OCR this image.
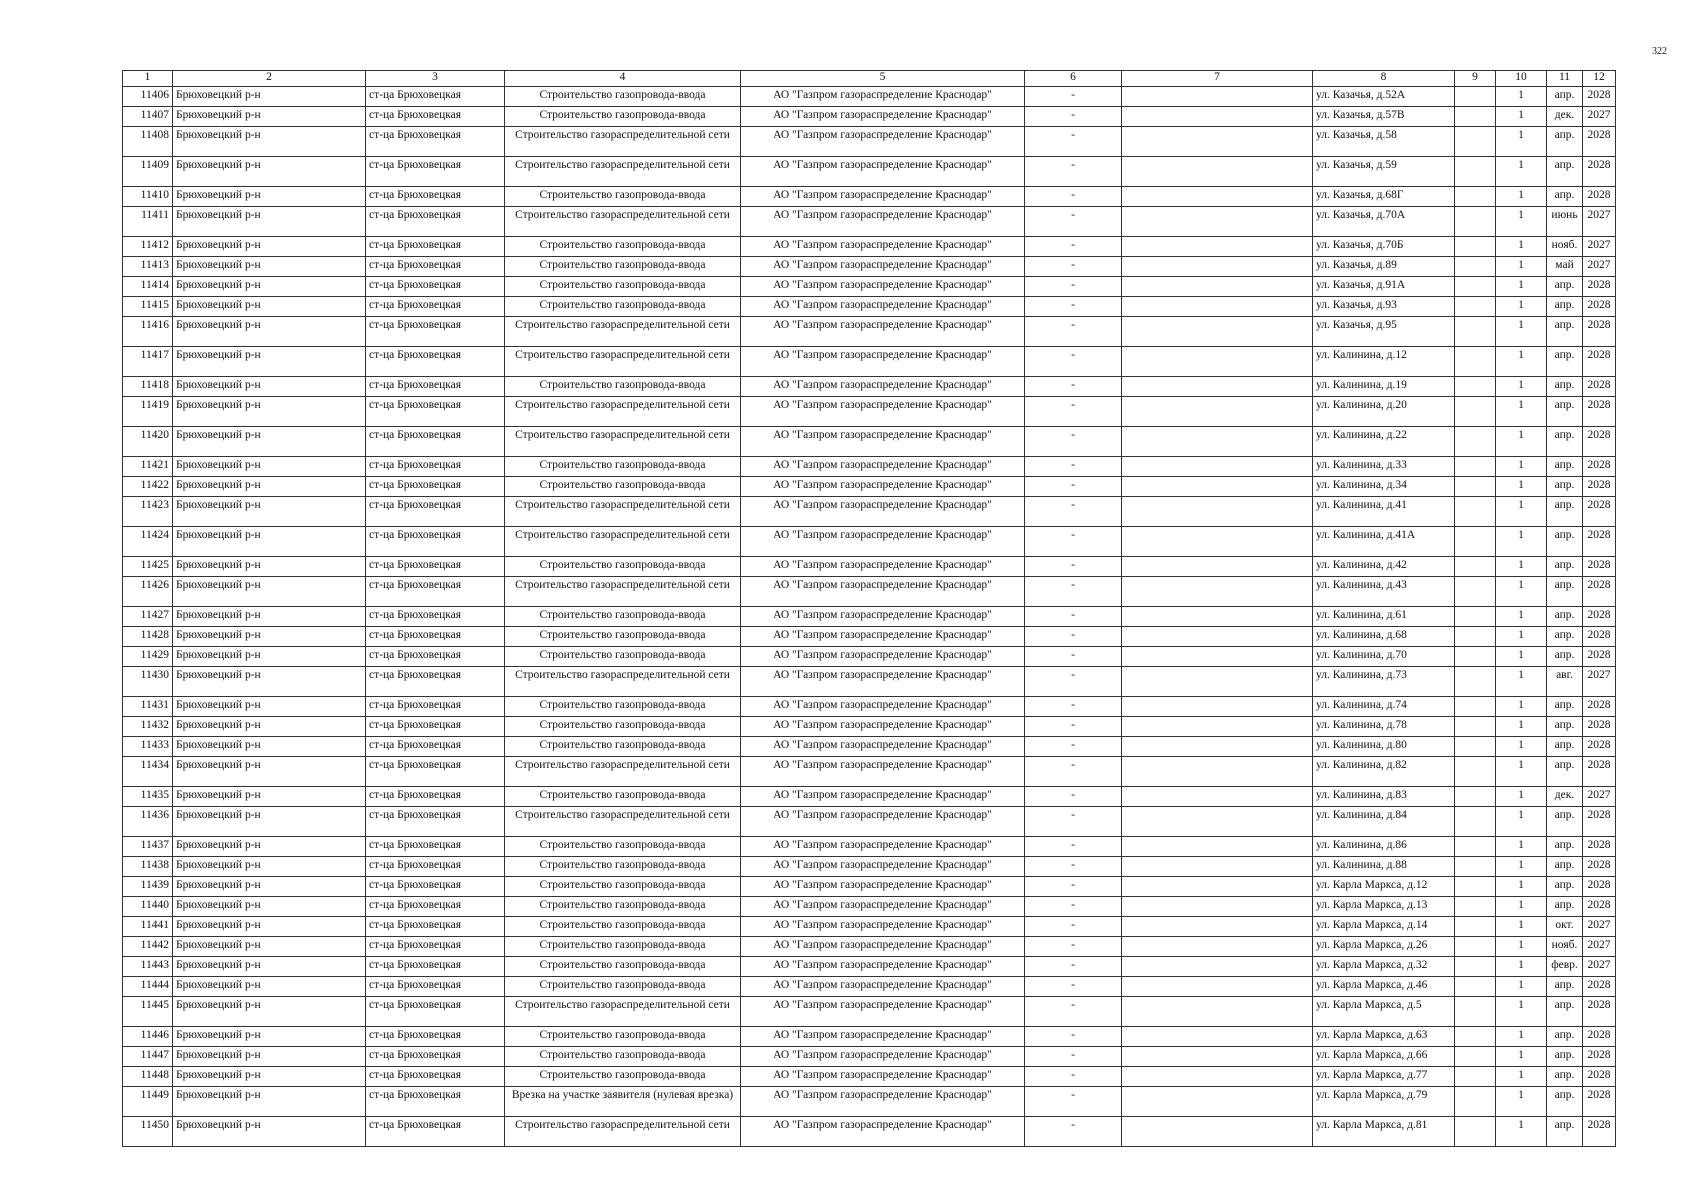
322
1	2	3	4	5	6	7	8	9	10	11	12
11406	Брюховецкий р-н	ст-ца Брюховецкая	Строительство газопровода-ввода	АО "Газпром газораспределение Краснодар"	-		ул. Казачья, д.52А		1	апр.	2028
11407	Брюховецкий р-н	ст-ца Брюховецкая	Строительство газопровода-ввода	АО "Газпром газораспределение Краснодар"	-		ул. Казачья, д.57В		1	дек.	2027
11408	Брюховецкий р-н	ст-ца Брюховецкая	Строительство газораспределительной сети	АО "Газпром газораспределение Краснодар"	-		ул. Казачья, д.58		1	апр.	2028
11409	Брюховецкий р-н	ст-ца Брюховецкая	Строительство газораспределительной сети	АО "Газпром газораспределение Краснодар"	-		ул. Казачья, д.59		1	апр.	2028
11410	Брюховецкий р-н	ст-ца Брюховецкая	Строительство газопровода-ввода	АО "Газпром газораспределение Краснодар"	-		ул. Казачья, д.68Г		1	апр.	2028
11411	Брюховецкий р-н	ст-ца Брюховецкая	Строительство газораспределительной сети	АО "Газпром газораспределение Краснодар"	-		ул. Казачья, д.70А		1	июнь	2027
11412	Брюховецкий р-н	ст-ца Брюховецкая	Строительство газопровода-ввода	АО "Газпром газораспределение Краснодар"	-		ул. Казачья, д.70Б		1	нояб.	2027
11413	Брюховецкий р-н	ст-ца Брюховецкая	Строительство газопровода-ввода	АО "Газпром газораспределение Краснодар"	-		ул. Казачья, д.89		1	май	2027
11414	Брюховецкий р-н	ст-ца Брюховецкая	Строительство газопровода-ввода	АО "Газпром газораспределение Краснодар"	-		ул. Казачья, д.91А		1	апр.	2028
11415	Брюховецкий р-н	ст-ца Брюховецкая	Строительство газопровода-ввода	АО "Газпром газораспределение Краснодар"	-		ул. Казачья, д.93		1	апр.	2028
11416	Брюховецкий р-н	ст-ца Брюховецкая	Строительство газораспределительной сети	АО "Газпром газораспределение Краснодар"	-		ул. Казачья, д.95		1	апр.	2028
11417	Брюховецкий р-н	ст-ца Брюховецкая	Строительство газораспределительной сети	АО "Газпром газораспределение Краснодар"	-		ул. Калинина, д.12		1	апр.	2028
11418	Брюховецкий р-н	ст-ца Брюховецкая	Строительство газопровода-ввода	АО "Газпром газораспределение Краснодар"	-		ул. Калинина, д.19		1	апр.	2028
11419	Брюховецкий р-н	ст-ца Брюховецкая	Строительство газораспределительной сети	АО "Газпром газораспределение Краснодар"	-		ул. Калинина, д.20		1	апр.	2028
11420	Брюховецкий р-н	ст-ца Брюховецкая	Строительство газораспределительной сети	АО "Газпром газораспределение Краснодар"	-		ул. Калинина, д.22		1	апр.	2028
11421	Брюховецкий р-н	ст-ца Брюховецкая	Строительство газопровода-ввода	АО "Газпром газораспределение Краснодар"	-		ул. Калинина, д.33		1	апр.	2028
11422	Брюховецкий р-н	ст-ца Брюховецкая	Строительство газопровода-ввода	АО "Газпром газораспределение Краснодар"	-		ул. Калинина, д.34		1	апр.	2028
11423	Брюховецкий р-н	ст-ца Брюховецкая	Строительство газораспределительной сети	АО "Газпром газораспределение Краснодар"	-		ул. Калинина, д.41		1	апр.	2028
11424	Брюховецкий р-н	ст-ца Брюховецкая	Строительство газораспределительной сети	АО "Газпром газораспределение Краснодар"	-		ул. Калинина, д.41А		1	апр.	2028
11425	Брюховецкий р-н	ст-ца Брюховецкая	Строительство газопровода-ввода	АО "Газпром газораспределение Краснодар"	-		ул. Калинина, д.42		1	апр.	2028
11426	Брюховецкий р-н	ст-ца Брюховецкая	Строительство газораспределительной сети	АО "Газпром газораспределение Краснодар"	-		ул. Калинина, д.43		1	апр.	2028
11427	Брюховецкий р-н	ст-ца Брюховецкая	Строительство газопровода-ввода	АО "Газпром газораспределение Краснодар"	-		ул. Калинина, д.61		1	апр.	2028
11428	Брюховецкий р-н	ст-ца Брюховецкая	Строительство газопровода-ввода	АО "Газпром газораспределение Краснодар"	-		ул. Калинина, д.68		1	апр.	2028
11429	Брюховецкий р-н	ст-ца Брюховецкая	Строительство газопровода-ввода	АО "Газпром газораспределение Краснодар"	-		ул. Калинина, д.70		1	апр.	2028
11430	Брюховецкий р-н	ст-ца Брюховецкая	Строительство газораспределительной сети	АО "Газпром газораспределение Краснодар"	-		ул. Калинина, д.73		1	авг.	2027
11431	Брюховецкий р-н	ст-ца Брюховецкая	Строительство газопровода-ввода	АО "Газпром газораспределение Краснодар"	-		ул. Калинина, д.74		1	апр.	2028
11432	Брюховецкий р-н	ст-ца Брюховецкая	Строительство газопровода-ввода	АО "Газпром газораспределение Краснодар"	-		ул. Калинина, д.78		1	апр.	2028
11433	Брюховецкий р-н	ст-ца Брюховецкая	Строительство газопровода-ввода	АО "Газпром газораспределение Краснодар"	-		ул. Калинина, д.80		1	апр.	2028
11434	Брюховецкий р-н	ст-ца Брюховецкая	Строительство газораспределительной сети	АО "Газпром газораспределение Краснодар"	-		ул. Калинина, д.82		1	апр.	2028
11435	Брюховецкий р-н	ст-ца Брюховецкая	Строительство газопровода-ввода	АО "Газпром газораспределение Краснодар"	-		ул. Калинина, д.83		1	дек.	2027
11436	Брюховецкий р-н	ст-ца Брюховецкая	Строительство газораспределительной сети	АО "Газпром газораспределение Краснодар"	-		ул. Калинина, д.84		1	апр.	2028
11437	Брюховецкий р-н	ст-ца Брюховецкая	Строительство газопровода-ввода	АО "Газпром газораспределение Краснодар"	-		ул. Калинина, д.86		1	апр.	2028
11438	Брюховецкий р-н	ст-ца Брюховецкая	Строительство газопровода-ввода	АО "Газпром газораспределение Краснодар"	-		ул. Калинина, д.88		1	апр.	2028
11439	Брюховецкий р-н	ст-ца Брюховецкая	Строительство газопровода-ввода	АО "Газпром газораспределение Краснодар"	-		ул. Карла Маркса, д.12		1	апр.	2028
11440	Брюховецкий р-н	ст-ца Брюховецкая	Строительство газопровода-ввода	АО "Газпром газораспределение Краснодар"	-		ул. Карла Маркса, д.13		1	апр.	2028
11441	Брюховецкий р-н	ст-ца Брюховецкая	Строительство газопровода-ввода	АО "Газпром газораспределение Краснодар"	-		ул. Карла Маркса, д.14		1	окт.	2027
11442	Брюховецкий р-н	ст-ца Брюховецкая	Строительство газопровода-ввода	АО "Газпром газораспределение Краснодар"	-		ул. Карла Маркса, д.26		1	нояб.	2027
11443	Брюховецкий р-н	ст-ца Брюховецкая	Строительство газопровода-ввода	АО "Газпром газораспределение Краснодар"	-		ул. Карла Маркса, д.32		1	февр.	2027
11444	Брюховецкий р-н	ст-ца Брюховецкая	Строительство газопровода-ввода	АО "Газпром газораспределение Краснодар"	-		ул. Карла Маркса, д.46		1	апр.	2028
11445	Брюховецкий р-н	ст-ца Брюховецкая	Строительство газораспределительной сети	АО "Газпром газораспределение Краснодар"	-		ул. Карла Маркса, д.5		1	апр.	2028
11446	Брюховецкий р-н	ст-ца Брюховецкая	Строительство газопровода-ввода	АО "Газпром газораспределение Краснодар"	-		ул. Карла Маркса, д.63		1	апр.	2028
11447	Брюховецкий р-н	ст-ца Брюховецкая	Строительство газопровода-ввода	АО "Газпром газораспределение Краснодар"	-		ул. Карла Маркса, д.66		1	апр.	2028
11448	Брюховецкий р-н	ст-ца Брюховецкая	Строительство газопровода-ввода	АО "Газпром газораспределение Краснодар"	-		ул. Карла Маркса, д.77		1	апр.	2028
11449	Брюховецкий р-н	ст-ца Брюховецкая	Врезка на участке заявителя (нулевая врезка)	АО "Газпром газораспределение Краснодар"	-		ул. Карла Маркса, д.79		1	апр.	2028
11450	Брюховецкий р-н	ст-ца Брюховецкая	Строительство газораспределительной сети	АО "Газпром газораспределение Краснодар"	-		ул. Карла Маркса, д.81		1	апр.	2028
